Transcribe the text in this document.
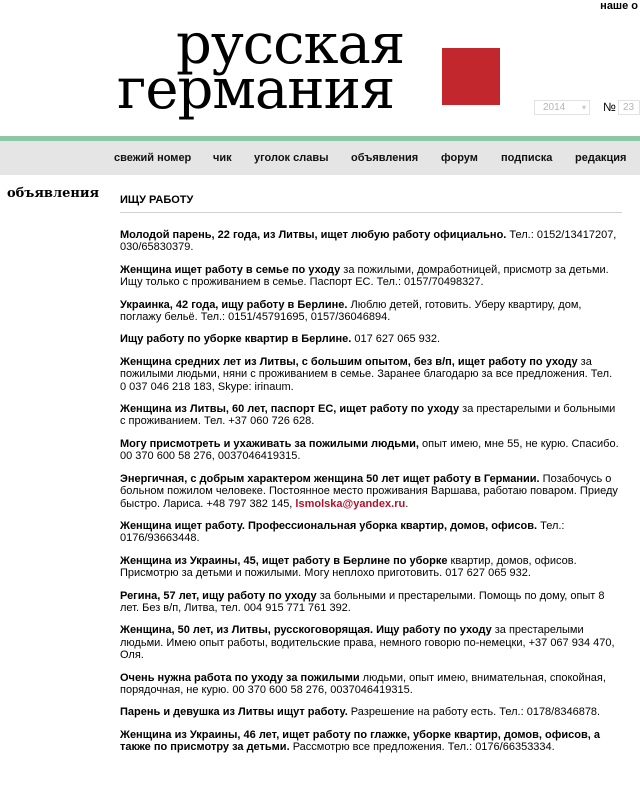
наше о
русская
германия	2014 ▾ № 23
свежий номер чик уголок славы объявления форум подписка редакция
объявления ИЩУ РАБОТУ
Молодой парень, 22 года, из Литвы, ищет любую работу официально. Тел.: 0152/13417207, 030/65830379.
Женщина ищет работу в семье по уходу за пожилыми, домработницей, присмотр за детьми. Ищу только с проживанием в семье. Паспорт ЕС. Тел.: 0157/70498327.
Украинка, 42 года, ищу работу в Берлине. Люблю детей, готовить. Уберу квартиру, дом, поглажу бельё. Тел.: 0151/45791695, 0157/36046894.
Ищу работу по уборке квартир в Берлине. 017 627 065 932.
Женщина средних лет из Литвы, с большим опытом, без в/п, ищет работу по уходу за пожилыми людьми, няни с проживанием в семье. Заранее благодарю за все предложения. Тел. 0 037 046 218 183, Skype: irinaum.
Женщина из Литвы, 60 лет, паспорт ЕС, ищет работу по уходу за престарелыми и больными с проживанием. Тел. +37 060 726 628.
Могу присмотреть и ухаживать за пожилыми людьми, опыт имею, мне 55, не курю. Спасибо. 00 370 600 58 276, 0037046419315.
Энергичная, с добрым характером женщина 50 лет ищет работу в Германии. Позабочусь о больном пожилом человеке. Постоянное место проживания Варшава, работаю поваром. Приеду быстро. Лариса. +48 797 382 145, lsmolska@yandex.ru.
Женщина ищет работу. Профессиональная уборка квартир, домов, офисов. Тел.: 0176/93663448.
Женщина из Украины, 45, ищет работу в Берлине по уборке квартир, домов, офисов. Присмотрю за детьми и пожилыми. Могу неплохо приготовить. 017 627 065 932.
Регина, 57 лет, ищу работу по уходу за больными и престарелыми. Помощь по дому, опыт 8 лет. Без в/п, Литва, тел. 004 915 771 761 392.
Женщина, 50 лет, из Литвы, русскоговорящая. Ищу работу по уходу за престарелыми людьми. Имею опыт работы, водительские права, немного говорю по-немецки, +37 067 934 470, Оля.
Очень нужна работа по уходу за пожилыми людьми, опыт имею, внимательная, спокойная, порядочная, не курю. 00 370 600 58 276, 0037046419315.
Парень и девушка из Литвы ищут работу. Разрешение на работу есть. Тел.: 0178/8346878.
Женщина из Украины, 46 лет, ищет работу по глажке, уборке квартир, домов, офисов, а также по присмотру за детьми. Рассмотрю все предложения. Тел.: 0176/66353334.
